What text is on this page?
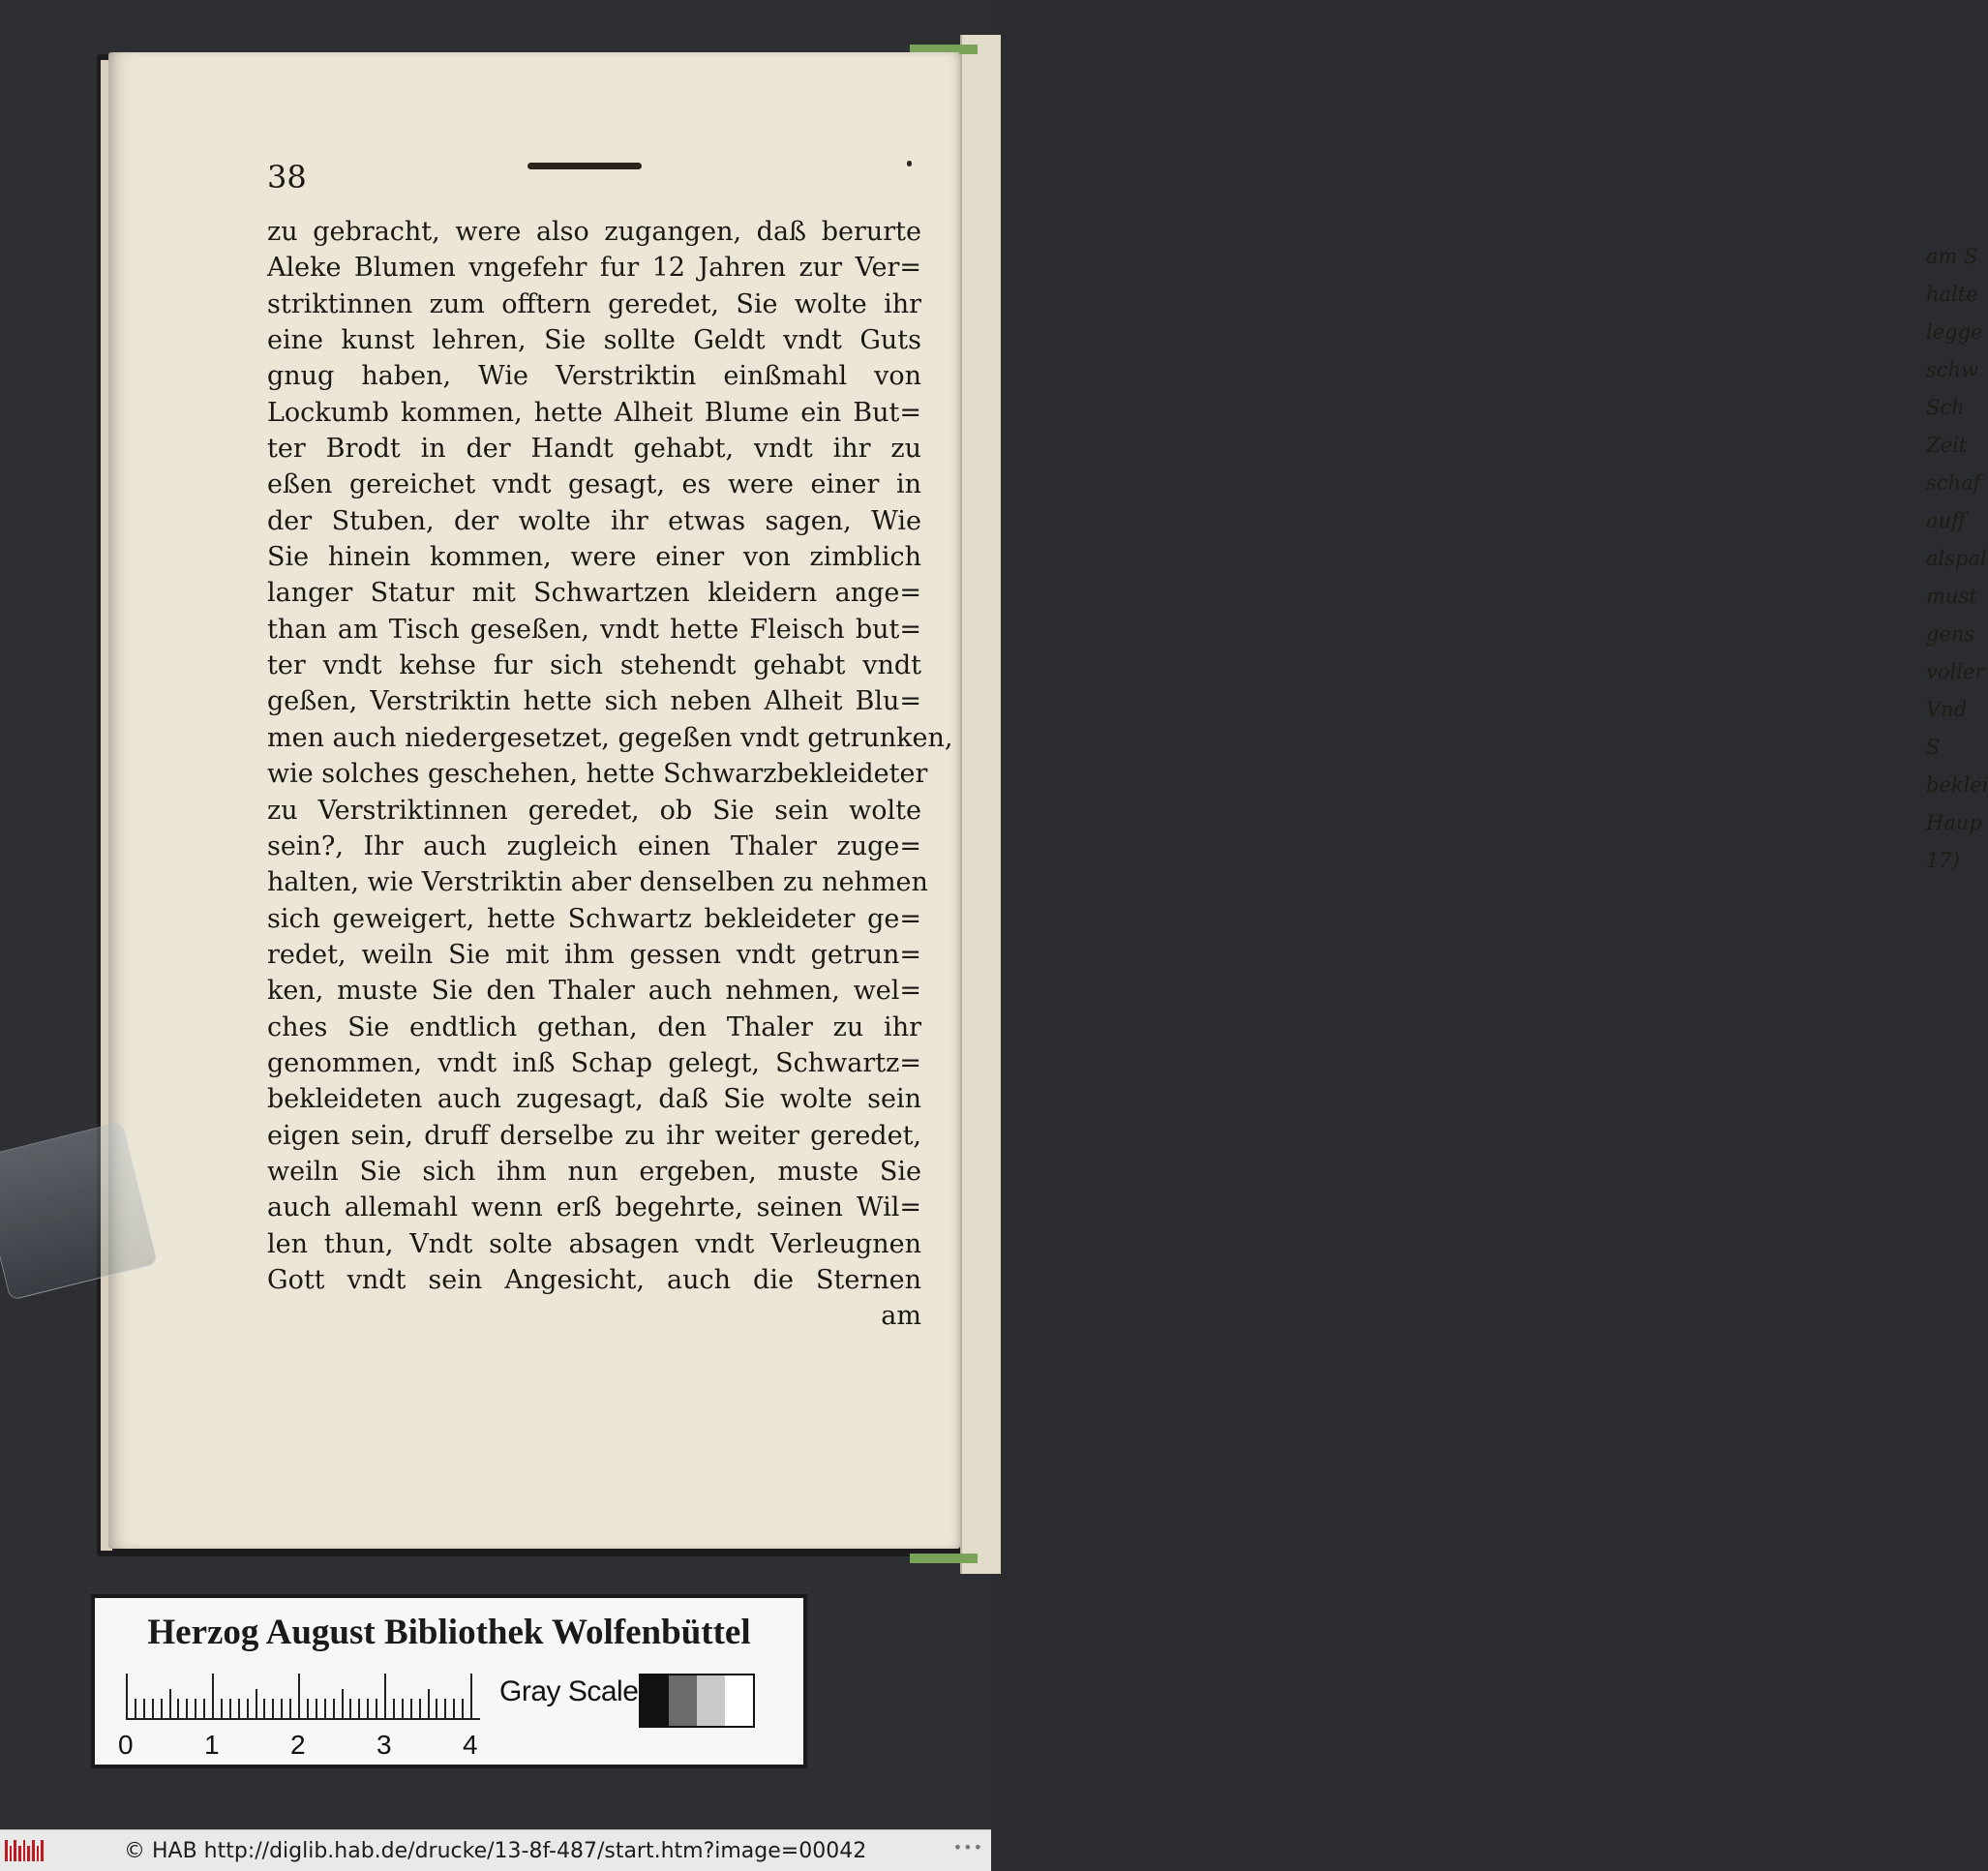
am S
halte
legge
schw
Sch
Zeit
schaf
auff
alspal
must
gens
voller
Vnd
S
beklei
Haup
17)
38
zu gebracht, were also zugangen, daß berurte
Aleke Blumen vngefehr fur 12 Jahren zur Ver=
striktinnen zum offtern geredet, Sie wolte ihr
eine kunst lehren, Sie sollte Geldt vndt Guts
gnug haben, Wie Verstriktin einßmahl von
Lockumb kommen, hette Alheit Blume ein But=
ter Brodt in der Handt gehabt, vndt ihr zu
eßen gereichet vndt gesagt, es were einer in
der Stuben, der wolte ihr etwas sagen, Wie
Sie hinein kommen, were einer von zimblich
langer Statur mit Schwartzen kleidern ange=
than am Tisch geseßen, vndt hette Fleisch but=
ter vndt kehse fur sich stehendt gehabt vndt
geßen, Verstriktin hette sich neben Alheit Blu=
men auch niedergesetzet, gegeßen vndt getrunken,
wie solches geschehen, hette Schwarzbekleideter
zu Verstriktinnen geredet, ob Sie sein wolte
sein?, Ihr auch zugleich einen Thaler zuge=
halten, wie Verstriktin aber denselben zu nehmen
sich geweigert, hette Schwartz bekleideter ge=
redet, weiln Sie mit ihm gessen vndt getrun=
ken, muste Sie den Thaler auch nehmen, wel=
ches Sie endtlich gethan, den Thaler zu ihr
genommen, vndt inß Schap gelegt, Schwartz=
bekleideten auch zugesagt, daß Sie wolte sein
eigen sein, druff derselbe zu ihr weiter geredet,
weiln Sie sich ihm nun ergeben, muste Sie
auch allemahl wenn erß begehrte, seinen Wil=
len thun, Vndt solte absagen vndt Verleugnen
Gott vndt sein Angesicht, auch die Sternen
am
Herzog August Bibliothek Wolfenbüttel
0	1	2	3	4
Gray Scale
© HAB http://diglib.hab.de/drucke/13-8f-487/start.htm?image=00042	•••
